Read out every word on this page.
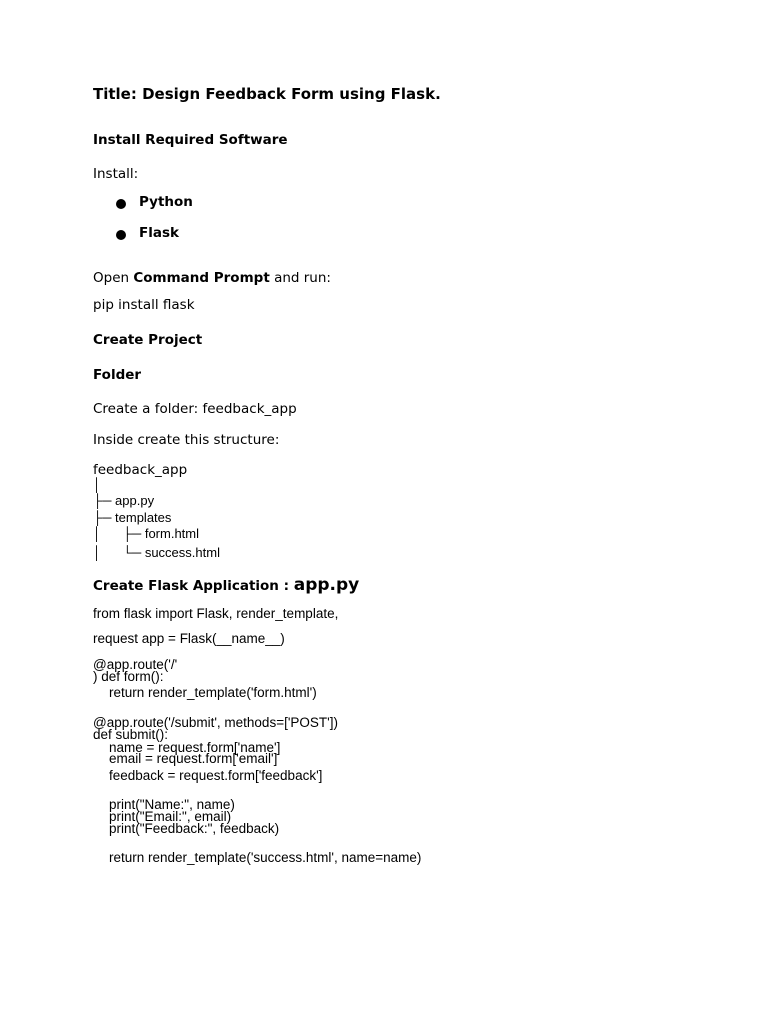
Title: Design Feedback Form using Flask.
Install Required Software
Install:
Python
Flask
Open Command Prompt and run:
pip install flask
Create Project
Folder
Create a folder: feedback_app
Inside create this structure:
feedback_app
│
├─ app.py
├─ templates
│      ├─ form.html
│      └─ success.html
Create Flask Application : app.py
from flask import Flask, render_template,
request app = Flask(__name__)
@app.route('/'
) def form():
return render_template('form.html')
@app.route('/submit', methods=['POST'])
def submit():
name = request.form['name']
email = request.form['email']
feedback = request.form['feedback']
print("Name:", name)
print("Email:", email)
print("Feedback:", feedback)
return render_template('success.html', name=name)
